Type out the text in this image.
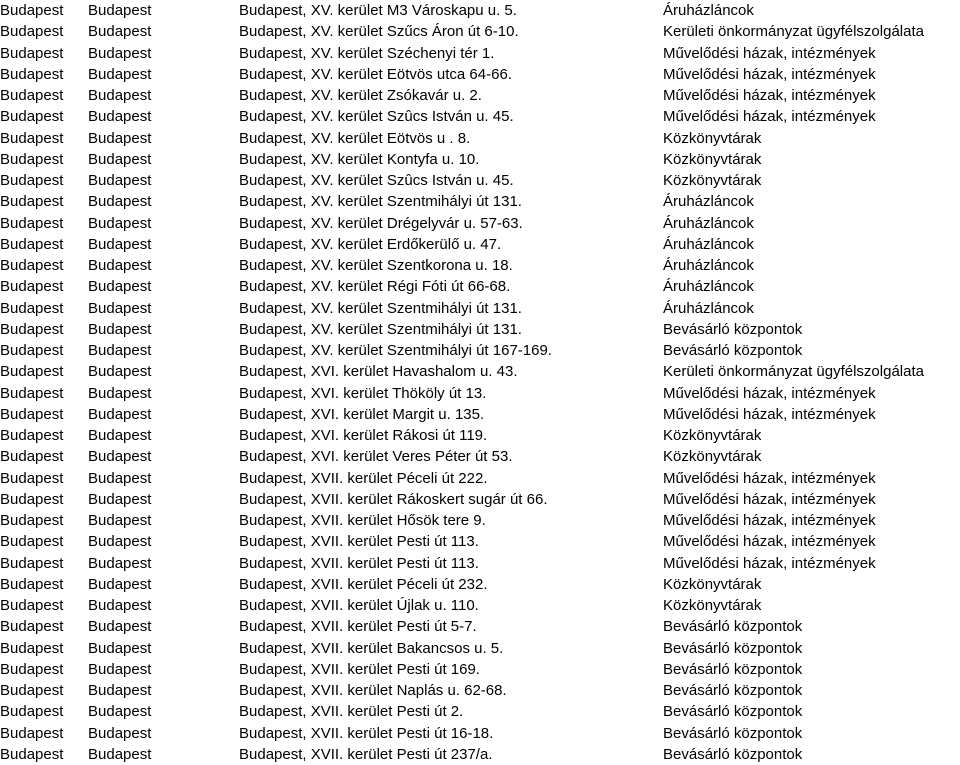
Budapest	Budapest	Budapest, XV. kerület M3 Városkapu u. 5.	Áruházláncok
Budapest	Budapest	Budapest, XV. kerület Szűcs Áron út 6-10.	Kerületi önkormányzat ügyfélszolgálata
Budapest	Budapest	Budapest, XV. kerület Széchenyi tér 1.	Művelődési házak, intézmények
Budapest	Budapest	Budapest, XV. kerület Eötvös utca 64-66.	Művelődési házak, intézmények
Budapest	Budapest	Budapest, XV. kerület Zsókavár u. 2.	Művelődési házak, intézmények
Budapest	Budapest	Budapest, XV. kerület Szûcs István u. 45.	Művelődési házak, intézmények
Budapest	Budapest	Budapest, XV. kerület Eötvös u . 8.	Közkönyvtárak
Budapest	Budapest	Budapest, XV. kerület Kontyfa u. 10.	Közkönyvtárak
Budapest	Budapest	Budapest, XV. kerület Szûcs István u. 45.	Közkönyvtárak
Budapest	Budapest	Budapest, XV. kerület Szentmihályi út 131.	Áruházláncok
Budapest	Budapest	Budapest, XV. kerület Drégelyvár u. 57-63.	Áruházláncok
Budapest	Budapest	Budapest, XV. kerület Erdőkerülő u. 47.	Áruházláncok
Budapest	Budapest	Budapest, XV. kerület Szentkorona u. 18.	Áruházláncok
Budapest	Budapest	Budapest, XV. kerület Régi Fóti út 66-68.	Áruházláncok
Budapest	Budapest	Budapest, XV. kerület Szentmihályi út 131.	Áruházláncok
Budapest	Budapest	Budapest, XV. kerület Szentmihályi út 131.	Bevásárló központok
Budapest	Budapest	Budapest, XV. kerület Szentmihályi út 167-169.	Bevásárló központok
Budapest	Budapest	Budapest, XVI. kerület Havashalom u. 43.	Kerületi önkormányzat ügyfélszolgálata
Budapest	Budapest	Budapest, XVI. kerület Thököly út 13.	Művelődési házak, intézmények
Budapest	Budapest	Budapest, XVI. kerület Margit u. 135.	Művelődési házak, intézmények
Budapest	Budapest	Budapest, XVI. kerület Rákosi út 119.	Közkönyvtárak
Budapest	Budapest	Budapest, XVI. kerület Veres Péter út 53.	Közkönyvtárak
Budapest	Budapest	Budapest, XVII. kerület Péceli út 222.	Művelődési házak, intézmények
Budapest	Budapest	Budapest, XVII. kerület Rákoskert sugár út 66.	Művelődési házak, intézmények
Budapest	Budapest	Budapest, XVII. kerület Hősök tere 9.	Művelődési házak, intézmények
Budapest	Budapest	Budapest, XVII. kerület Pesti út 113.	Művelődési házak, intézmények
Budapest	Budapest	Budapest, XVII. kerület Pesti út 113.	Művelődési házak, intézmények
Budapest	Budapest	Budapest, XVII. kerület Péceli út 232.	Közkönyvtárak
Budapest	Budapest	Budapest, XVII. kerület Újlak u. 110.	Közkönyvtárak
Budapest	Budapest	Budapest, XVII. kerület Pesti út 5-7.	Bevásárló központok
Budapest	Budapest	Budapest, XVII. kerület Bakancsos u. 5.	Bevásárló központok
Budapest	Budapest	Budapest, XVII. kerület Pesti út 169.	Bevásárló központok
Budapest	Budapest	Budapest, XVII. kerület Naplás u. 62-68.	Bevásárló központok
Budapest	Budapest	Budapest, XVII. kerület Pesti út 2.	Bevásárló központok
Budapest	Budapest	Budapest, XVII. kerület Pesti út 16-18.	Bevásárló központok
Budapest	Budapest	Budapest, XVII. kerület Pesti út 237/a.	Bevásárló központok
